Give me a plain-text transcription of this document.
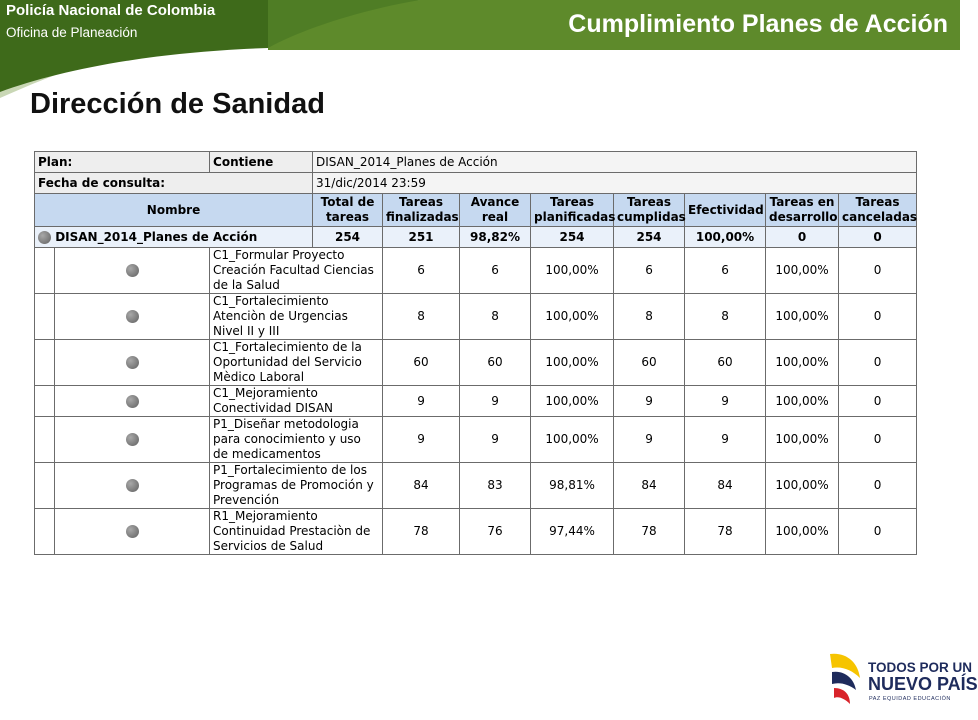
Policía Nacional de Colombia
Oficina de Planeación	Cumplimiento Planes de Acción
Dirección de Sanidad
Plan:		Contiene	DISAN_2014_Planes de Acción								
Fecha de consulta:			31/dic/2014 23:59								
Nombre			Total de tareas	Tareas finalizadas	Avance real	Tareas planificadas	Tareas cumplidas	Efectividad	Tareas en desarrollo	Tareas canceladas	
DISAN_2014_Planes de Acción			254	251	98,82%	254	254	100,00%	0	0	
		C1_Formular Proyecto Creación Facultad Ciencias de la Salud		6	6	100,00%	6	6	100,00%	0	
		C1_Fortalecimiento Atenciòn de Urgencias Nivel II y III		8	8	100,00%	8	8	100,00%	0	
		C1_Fortalecimiento de la Oportunidad del Servicio Mèdico Laboral		60	60	100,00%	60	60	100,00%	0	
		C1_Mejoramiento Conectividad DISAN		9	9	100,00%	9	9	100,00%	0	
		P1_Diseñar metodologia para conocimiento y uso de medicamentos		9	9	100,00%	9	9	100,00%	0	
		P1_Fortalecimiento de los Programas de Promoción y Prevención		84	83	98,81%	84	84	100,00%	0	
		R1_Mejoramiento Continuidad Prestaciòn de Servicios de Salud		78	76	97,44%	78	78	100,00%	0	
TODOS POR UN
NUEVO PAÍS
PAZ EQUIDAD EDUCACIÓN
